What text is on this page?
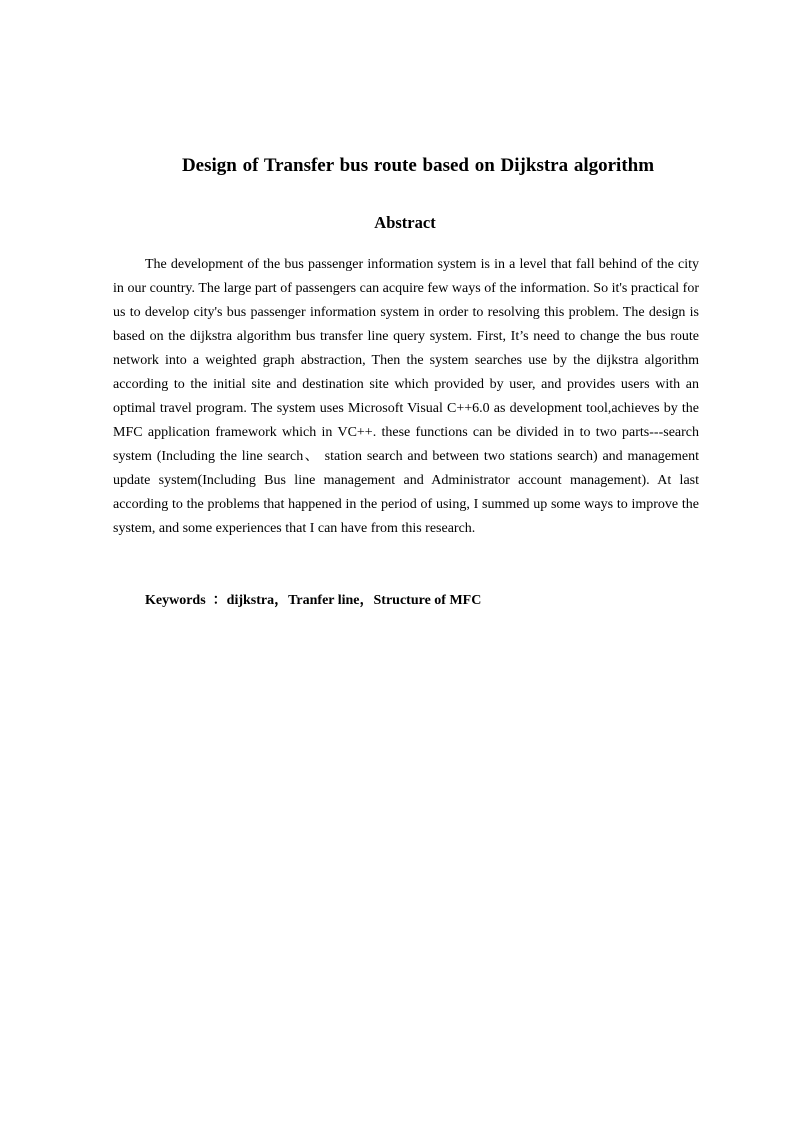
Design of Transfer bus route based on Dijkstra algorithm
Abstract

The development of the bus passenger information system is in a level that fall behind of the city in our country. The large part of passengers can acquire few ways of the information. So it's practical for us to develop city's bus passenger information system in order to resolving this problem. The design is based on the dijkstra algorithm bus transfer line query system. First, It’s need to change the bus route network into a weighted graph abstraction, Then the system searches use by the dijkstra algorithm according to the initial site and destination site which provided by user, and provides users with an optimal travel program. The system uses Microsoft Visual C++6.0 as development tool,achieves by the MFC application framework which in VC++. these functions can be divided in to two parts---search system (Including the line search、 station search and between two stations search) and management update system(Including Bus line management and Administrator account management). At last according to the problems that happened in the period of using, I summed up some ways to improve the system, and some experiences that I can have from this research.

Keywords  ：dijkstra，Tranfer line，Structure of MFC
